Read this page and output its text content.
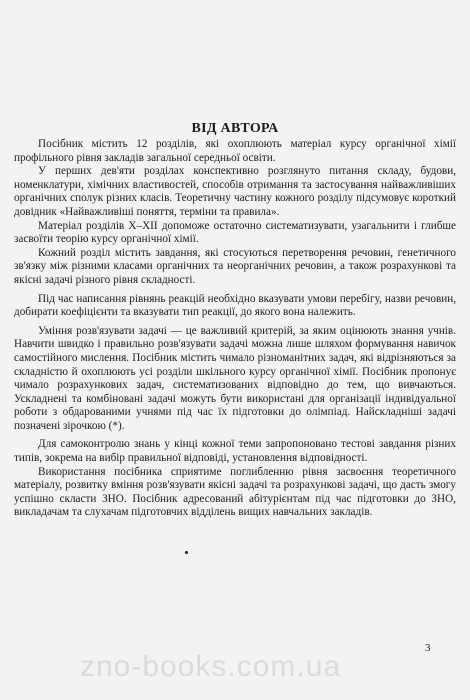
ВІД АВТОРА

Посібник містить 12 розділів, які охоплюють матеріал курсу органічної хімії профільного рівня закладів загальної середньої освіти.

У перших дев'яти розділах конспективно розглянуто питання складу, будови, номенклатури, хімічних властивостей, способів отримання та застосування найважливіших органічних сполук різних класів. Теоретичну частину кожного розділу підсумовує короткий довідник «Найважливіші поняття, терміни та правила».

Матеріал розділів X–XII допоможе остаточно систематизувати, узагальнити і глибше засвоїти теорію курсу органічної хімії.

Кожний розділ містить завдання, які стосуються перетворення речовин, генетичного зв'язку між різними класами органічних та неорганічних речовин, а також розрахункові та якісні задачі різного рівня складності.

Під час написання рівнянь реакцій необхідно вказувати умови перебігу, назви речовин, добирати коефіцієнти та вказувати тип реакції, до якого вона належить.

Уміння розв'язувати задачі — це важливий критерій, за яким оцінюють знання учнів. Навчити швидко і правильно розв'язувати задачі можна лише шляхом формування навичок самостійного мислення. Посібник містить чимало різноманітних задач, які відрізняються за складністю й охоплюють усі розділи шкільного курсу органічної хімії. Посібник пропонує чимало розрахункових задач, систематизованих відповідно до тем, що вивчаються. Ускладнені та комбіновані задачі можуть бути використані для організації індивідуальної роботи з обдарованими учнями під час їх підготовки до олімпіад. Найскладніші задачі позначені зірочкою (*).

Для самоконтролю знань у кінці кожної теми запропоновано тестові завдання різних типів, зокрема на вибір правильної відповіді, установлення відповідності.

Використання посібника сприятиме поглибленню рівня засвоєння теоретичного матеріалу, розвитку вміння розв'язувати якісні задачі та розрахункові задачі, що дасть змогу успішно скласти ЗНО. Посібник адресований абітурієнтам під час підготовки до ЗНО, викладачам та слухачам підготовчих відділень вищих навчальних закладів.

3
zno-books.com.ua
